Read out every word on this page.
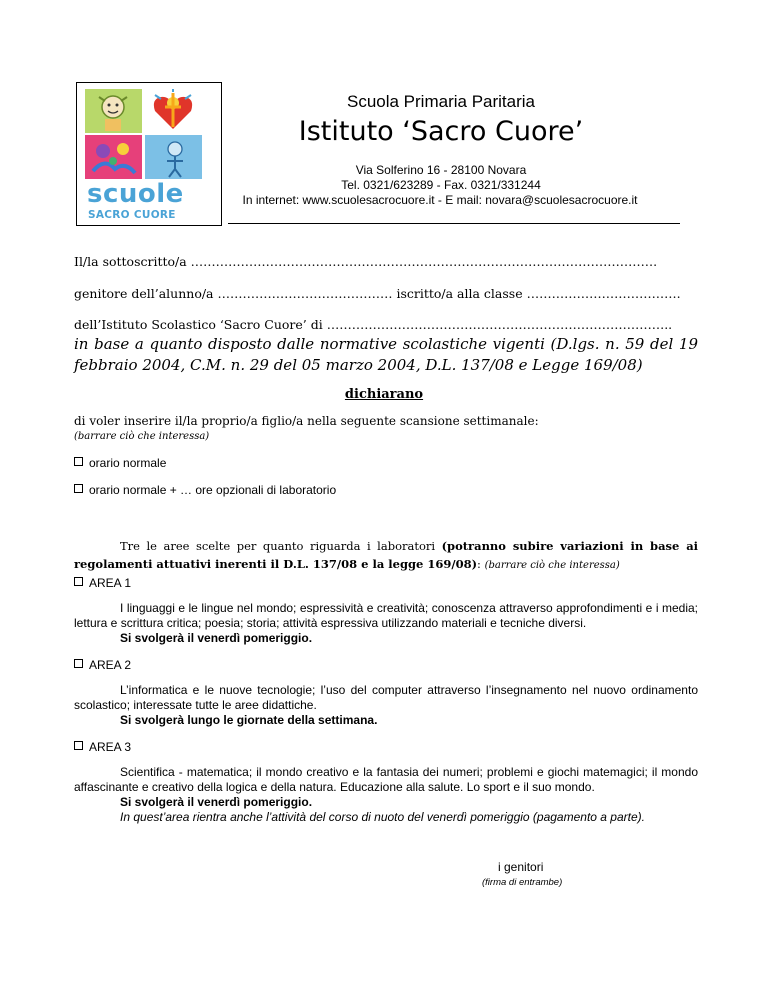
scuole
SACRO CUORE
Scuola Primaria Paritaria
Istituto ‘Sacro Cuore’
Via Solferino 16 - 28100 Novara
Tel. 0321/623289 - Fax. 0321/331244
In internet: www.scuolesacrocuore.it - E mail: novara@scuolesacrocuore.it
Il/la sottoscritto/a ………………………………………………………………………………………………….
genitore dell’alunno/a …………………………………… iscritto/a alla classe ……………………………….
dell’Istituto Scolastico ‘Sacro Cuore’ di ………………………………………………………………………..
in base a quanto disposto dalle normative scolastiche vigenti (D.lgs. n. 59 del 19 febbraio 2004, C.M. n. 29 del 05 marzo 2004, D.L. 137/08 e Legge 169/08)
dichiarano
di voler inserire il/la proprio/a figlio/a nella seguente scansione settimanale:
(barrare ciò che interessa)
orario normale
orario normale + … ore opzionali di laboratorio
Tre le aree scelte per quanto riguarda i laboratori (potranno subire variazioni in base ai regolamenti attuativi inerenti il D.L. 137/08 e la legge 169/08): (barrare ciò che interessa)
AREA 1
I linguaggi e le lingue nel mondo; espressività e creatività; conoscenza attraverso approfondimenti e i media; lettura e scrittura critica; poesia; storia; attività espressiva utilizzando materiali e tecniche diversi.
Si svolgerà il venerdì pomeriggio.
AREA 2
L’informatica e le nuove tecnologie; l’uso del computer attraverso l’insegnamento nel nuovo ordinamento scolastico; interessate tutte le aree didattiche.
Si svolgerà lungo le giornate della settimana.
AREA 3
Scientifica - matematica; il mondo creativo e la fantasia dei numeri; problemi e giochi matemagici; il mondo affascinante e creativo della logica e della natura. Educazione alla salute. Lo sport e il suo mondo.
Si svolgerà il venerdì pomeriggio.
In quest’area rientra anche l’attività del corso di nuoto del venerdì pomeriggio (pagamento a parte).
i genitori
(firma di entrambe)
